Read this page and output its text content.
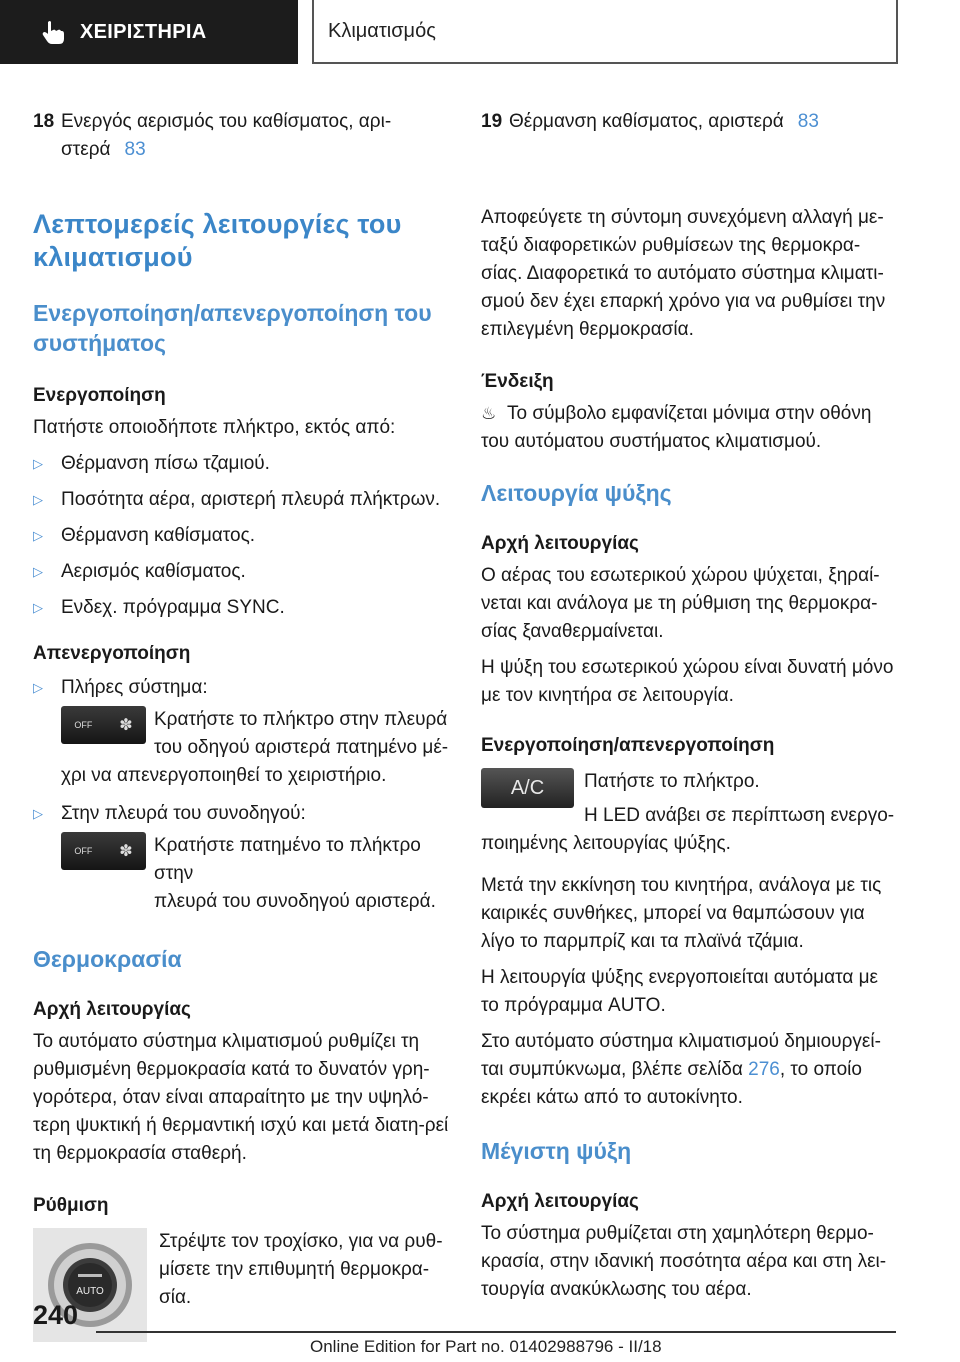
ΧΕΙΡΙΣΤΗΡΙΑ	Κλιματισμός
18 Ενεργός αερισμός του καθίσματος, αρι-
στερά 83
Λεπτομερείς λειτουργίες του κλιματισμού
Ενεργοποίηση/απενεργοποίηση του συστήματος
Ενεργοποίηση

Πατήστε οποιοδήποτε πλήκτρο, εκτός από:

▷ Θέρμανση πίσω τζαμιού.
▷ Ποσότητα αέρα, αριστερή πλευρά πλήκτρων.
▷ Θέρμανση καθίσματος.
▷ Αερισμός καθίσματος.
▷ Ενδεχ. πρόγραμμα SYNC.
Απενεργοποίηση
▷ Πλήρες σύστημα:
OFF ✽ Κρατήστε το πλήκτρο στην πλευρά
του οδηγού αριστερά πατημένο μέ-

χρι να απενεργοποιηθεί το χειριστήριο.

▷ Στην πλευρά του συνοδηγού:
OFF ✽ Κρατήστε πατημένο το πλήκτρο στην
πλευρά του συνοδηγού αριστερά.

Θερμοκρασία
Αρχή λειτουργίας

Το αυτόματο σύστημα κλιματισμού ρυθμίζει τη ρυθμισμένη θερμοκρασία κατά το δυνατόν γρη-γορότερα, όταν είναι απαραίτητο με την υψηλό-τερη ψυκτική ή θερμαντική ισχύ και μετά διατη-ρεί τη θερμοκρασία σταθερή.

Ρύθμιση
AUTO

Στρέψτε τον τροχίσκο, για να ρυθ-
μίσετε την επιθυμητή θερμοκρα-
σία.

19 Θέρμανση καθίσματος, αριστερά 83

Αποφεύγετε τη σύντομη συνεχόμενη αλλαγή με-ταξύ διαφορετικών ρυθμίσεων της θερμοκρα-σίας. Διαφορετικά το αυτόματο σύστημα κλιματι-σμού δεν έχει επαρκή χρόνο για να ρυθμίσει την επιλεγμένη θερμοκρασία.

Ένδειξη

♨ Το σύμβολο εμφανίζεται μόνιμα στην οθόνη του αυτόματου συστήματος κλιματισμού.

Λειτουργία ψύξης
Αρχή λειτουργίας

Ο αέρας του εσωτερικού χώρου ψύχεται, ξηραί-νεται και ανάλογα με τη ρύθμιση της θερμοκρα-σίας ξαναθερμαίνεται.

Η ψύξη του εσωτερικού χώρου είναι δυνατή μόνο με τον κινητήρα σε λειτουργία.

Ενεργοποίηση/απενεργοποίηση
A/C	Πατήστε το πλήκτρο.

Η LED ανάβει σε περίπτωση ενεργο-

ποιημένης λειτουργίας ψύξης.

Μετά την εκκίνηση του κινητήρα, ανάλογα με τις καιρικές συνθήκες, μπορεί να θαμπώσουν για λίγο το παρμπρίζ και τα πλαϊνά τζάμια.

Η λειτουργία ψύξης ενεργοποιείται αυτόματα με το πρόγραμμα AUTO.

Στο αυτόματο σύστημα κλιματισμού δημιουργεί-ται συμπύκνωμα, βλέπε σελίδα 276, το οποίο εκρέει κάτω από το αυτοκίνητο.

Μέγιστη ψύξη
Αρχή λειτουργίας

Το σύστημα ρυθμίζεται στη χαμηλότερη θερμο-κρασία, στην ιδανική ποσότητα αέρα και στη λει-τουργία ανακύκλωσης του αέρα.

240
Online Edition for Part no. 01402988796 - II/18
